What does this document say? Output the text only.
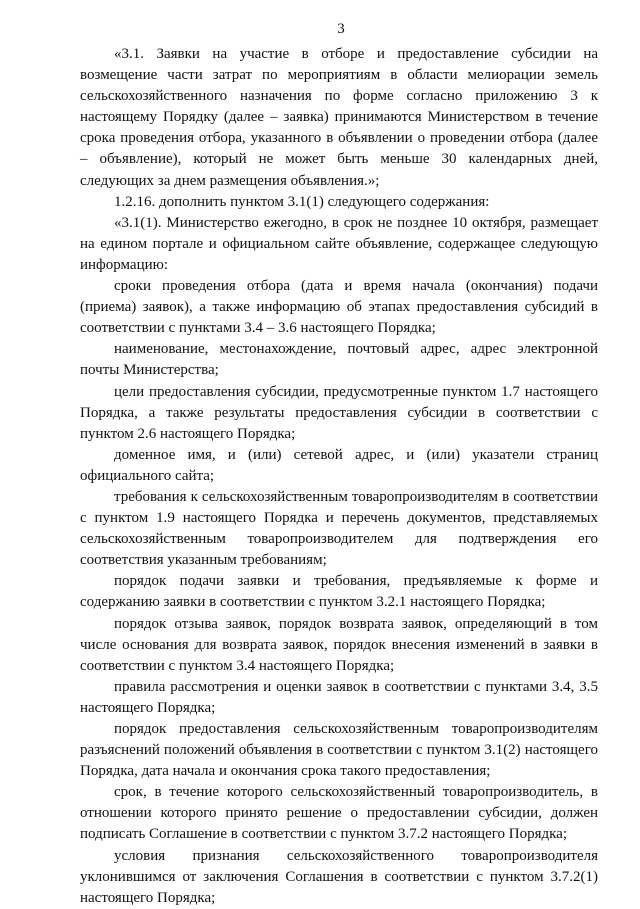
3

«3.1. Заявки на участие в отборе и предоставление субсидии на возмещение части затрат по мероприятиям в области мелиорации земель сельскохозяйственного назначения по форме согласно приложению 3 к настоящему Порядку (далее – заявка) принимаются Министерством в течение срока проведения отбора, указанного в объявлении о проведении отбора (далее – объявление), который не может быть меньше 30 календарных дней, следующих за днем размещения объявления.»;

1.2.16. дополнить пунктом 3.1(1) следующего содержания:

«3.1(1). Министерство ежегодно, в срок не позднее 10 октября, размещает на едином портале и официальном сайте объявление, содержащее следующую информацию:

сроки проведения отбора (дата и время начала (окончания) подачи (приема) заявок), а также информацию об этапах предоставления субсидий в соответствии с пунктами 3.4 – 3.6 настоящего Порядка;

наименование, местонахождение, почтовый адрес, адрес электронной почты Министерства;

цели предоставления субсидии, предусмотренные пунктом 1.7 настоящего Порядка, а также результаты предоставления субсидии в соответствии с пунктом 2.6 настоящего Порядка;

доменное имя, и (или) сетевой адрес, и (или) указатели страниц официального сайта;

требования к сельскохозяйственным товаропроизводителям в соответствии с пунктом 1.9 настоящего Порядка и перечень документов, представляемых сельскохозяйственным товаропроизводителем для подтверждения его соответствия указанным требованиям;

порядок подачи заявки и требования, предъявляемые к форме и содержанию заявки в соответствии с пунктом 3.2.1 настоящего Порядка;

порядок отзыва заявок, порядок возврата заявок, определяющий в том числе основания для возврата заявок, порядок внесения изменений в заявки в соответствии с пунктом 3.4 настоящего Порядка;

правила рассмотрения и оценки заявок в соответствии с пунктами 3.4, 3.5 настоящего Порядка;

порядок предоставления сельскохозяйственным товаропроизводителям разъяснений положений объявления в соответствии с пунктом 3.1(2) настоящего Порядка, дата начала и окончания срока такого предоставления;

срок, в течение которого сельскохозяйственный товаропроизводитель, в отношении которого принято решение о предоставлении субсидии, должен подписать Соглашение в соответствии с пунктом 3.7.2 настоящего Порядка;

условия признания сельскохозяйственного товаропроизводителя уклонившимся от заключения Соглашения в соответствии с пунктом 3.7.2(1) настоящего Порядка;
